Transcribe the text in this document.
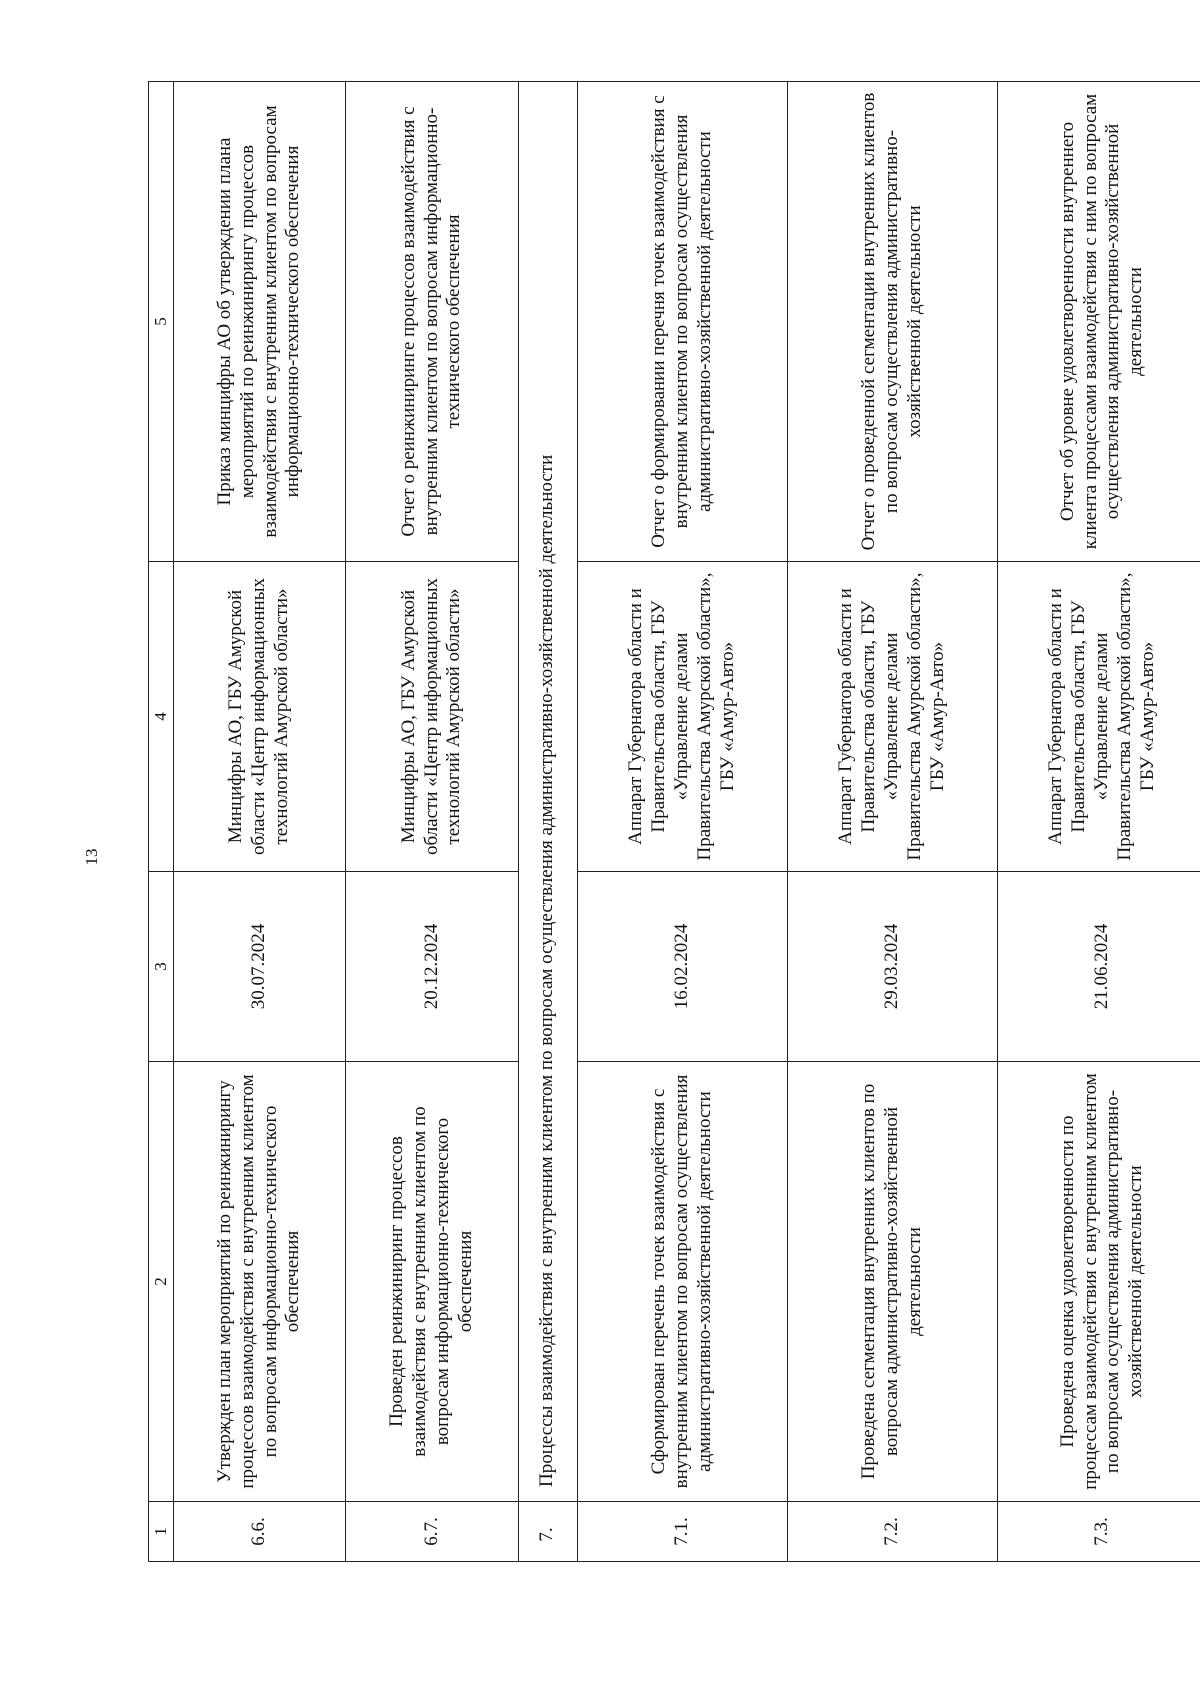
13
1	2	3	4	5
6.6.	Утвержден план мероприятий по реинжинирингу процессов взаимодействия с внутренним клиентом по вопросам информационно-технического обеспечения	30.07.2024	Минцифры АО, ГБУ Амурской области «Центр информационных технологий Амурской области»	Приказ минцифры АО об утверждении плана мероприятий по реинжинирингу процессов взаимодействия с внутренним клиентом по вопросам информационно-технического обеспечения
6.7.	Проведен реинжиниринг процессов взаимодействия с внутренним клиентом по вопросам информационно-технического обеспечения	20.12.2024	Минцифры АО, ГБУ Амурской области «Центр информационных технологий Амурской области»	Отчет о реинжиниринге процессов взаимодействия с внутренним клиентом по вопросам информационно-технического обеспечения
7.	Процессы взаимодействия с внутренним клиентом по вопросам осуществления административно-хозяйственной деятельности			
7.1.	Сформирован перечень точек взаимодействия с внутренним клиентом по вопросам осуществления административно-хозяйственной деятельности	16.02.2024	Аппарат Губернатора области и Правительства области, ГБУ «Управление делами Правительства Амурской области», ГБУ «Амур-Авто»	Отчет о формировании перечня точек взаимодействия с внутренним клиентом по вопросам осуществления административно-хозяйственной деятельности
7.2.	Проведена сегментация внутренних клиентов по вопросам административно-хозяйственной деятельности	29.03.2024	Аппарат Губернатора области и Правительства области, ГБУ «Управление делами Правительства Амурской области», ГБУ «Амур-Авто»	Отчет о проведенной сегментации внутренних клиентов по вопросам осуществления административно-хозяйственной деятельности
7.3.	Проведена оценка удовлетворенности по процессам взаимодействия с внутренним клиентом по вопросам осуществления административно-хозяйственной деятельности	21.06.2024	Аппарат Губернатора области и Правительства области, ГБУ «Управление делами Правительства Амурской области», ГБУ «Амур-Авто»	Отчет об уровне удовлетворенности внутреннего клиента процессами взаимодействия с ним по вопросам осуществления административно-хозяйственной деятельности
